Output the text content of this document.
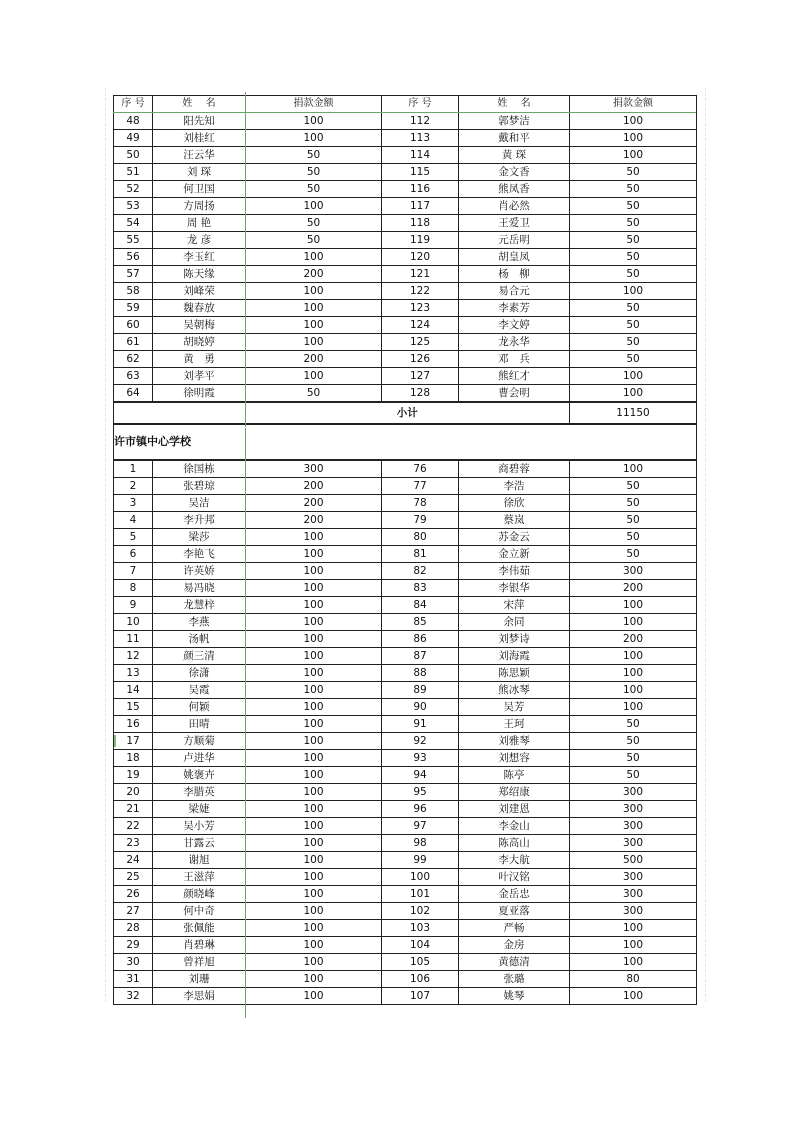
序 号	姓　 名	捐款金额	序 号	姓　 名	捐款金额
48	阳先知	100	112	郭梦洁	100
49	刘桂红	100	113	戴和平	100
50	汪云华	50	114	黄 琛	100
51	刘 琛	50	115	金文香	50
52	何卫国	50	116	熊凤香	50
53	方周扬	100	117	肖必然	50
54	周 艳	50	118	王爱卫	50
55	龙 彦	50	119	元岳明	50
56	李玉红	100	120	胡皇凤	50
57	陈天缘	200	121	杨　柳	50
58	刘峰荣	100	122	易合元	100
59	魏春放	100	123	李素芳	50
60	吴朝梅	100	124	李文婷	50
61	胡晓婷	100	125	龙永华	50
62	黄　勇	200	126	邓　兵	50
63	刘孝平	100	127	熊红才	100
64	徐明霞	50	128	曹会明	100
		小计			11150
许市镇中心学校					
1	徐国栋	300	76	商碧蓉	100
2	张碧琼	200	77	李浩	50
3	吴洁	200	78	徐欣	50
4	李升邦	200	79	蔡岚	50
5	梁莎	100	80	苏金云	50
6	李艳飞	100	81	金立新	50
7	许英娇	100	82	李伟茹	300
8	易冯晓	100	83	李银华	200
9	龙慧梓	100	84	宋萍	100
10	李燕	100	85	余同	100
11	汤帆	100	86	刘梦诗	200
12	颜三清	100	87	刘海霞	100
13	徐潇	100	88	陈思颖	100
14	吴霞	100	89	熊冰琴	100
15	何颖	100	90	吴芳	100
16	田晴	100	91	王珂	50
17	方顺菊	100	92	刘雅琴	50
18	卢进华	100	93	刘想容	50
19	姚褒卉	100	94	陈亭	50
20	李腊英	100	95	郑绍康	300
21	梁婕	100	96	刘建恩	300
22	吴小芳	100	97	李金山	300
23	甘露云	100	98	陈高山	300
24	谢旭	100	99	李大航	500
25	王滋萍	100	100	叶汉铭	300
26	颜晓峰	100	101	金岳忠	300
27	何中奇	100	102	夏亚落	300
28	张佩能	100	103	严畅	100
29	肖碧琳	100	104	金房	100
30	曾祥旭	100	105	黄德清	100
31	刘珊	100	106	张璐	80
32	李思娟	100	107	姚琴	100
